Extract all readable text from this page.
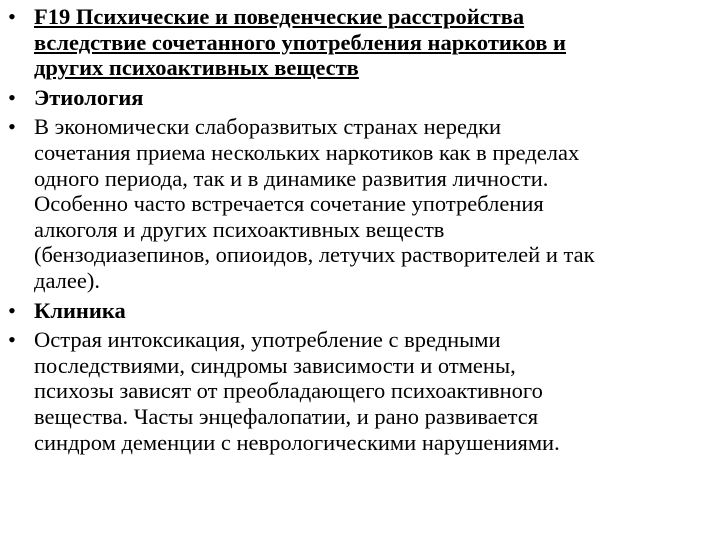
• F19 Психические и поведенческие расстройства
вследствие сочетанного употребления наркотиков и
других психоактивных веществ
• Этиология
• В экономически слаборазвитых странах нередки
сочетания приема нескольких наркотиков как в пределах
одного периода, так и в динамике развития личности.
Особенно часто встречается сочетание употребления
алкоголя и других психоактивных веществ
(бензодиазепинов, опиоидов, летучих растворителей и так
далее).
• Клиника
• Острая интоксикация, употребление с вредными
последствиями, синдромы зависимости и отмены,
психозы зависят от преобладающего психоактивного
вещества. Часты энцефалопатии, и рано развивается
синдром деменции с неврологическими нарушениями.
